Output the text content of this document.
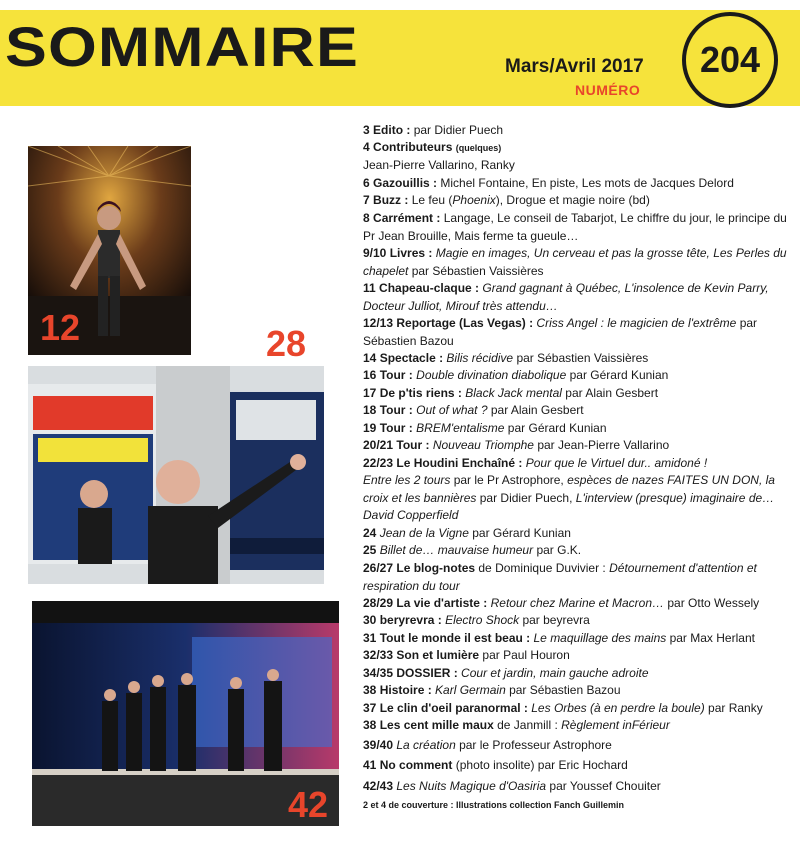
SOMMAIRE	Mars/Avril 2017
NUMÉRO
204
12	28
42
3 Edito : par Didier Puech
4 Contributeurs (quelques)
Jean-Pierre Vallarino, Ranky
6 Gazouillis : Michel Fontaine, En piste, Les mots de Jacques Delord
7 Buzz : Le feu (Phoenix), Drogue et magie noire (bd)
8 Carrément : Langage, Le conseil de Tabarjot, Le chiffre du jour, le principe du Pr Jean Brouille, Mais ferme ta gueule…
9/10 Livres : Magie en images, Un cerveau et pas la grosse tête, Les Perles du chapelet par Sébastien Vaissières
11 Chapeau-claque : Grand gagnant à Québec, L'insolence de Kevin Parry, Docteur Julliot, Mirouf très attendu…
12/13 Reportage (Las Vegas) : Criss Angel : le magicien de l'extrême par Sébastien Bazou
14 Spectacle : Bilis récidive par Sébastien Vaissières
16 Tour : Double divination diabolique par Gérard Kunian
17 De p'tis riens : Black Jack mental par Alain Gesbert
18 Tour : Out of what ? par Alain Gesbert
19 Tour : BREM'entalisme par Gérard Kunian
20/21 Tour : Nouveau Triomphe par Jean-Pierre Vallarino
22/23 Le Houdini Enchaîné : Pour que le Virtuel dur.. amidoné !
Entre les 2 tours par le Pr Astrophore, espèces de nazes FAITES UN DON, la croix et les bannières par Didier Puech, L'interview (presque) imaginaire de… David Copperfield
24 Jean de la Vigne par Gérard Kunian
25 Billet de… mauvaise humeur par G.K.
26/27 Le blog-notes de Dominique Duvivier : Détournement d'attention et respiration du tour
28/29 La vie d'artiste : Retour chez Marine et Macron… par Otto Wessely
30 beryrevra : Electro Shock par beyrevra
31 Tout le monde il est beau : Le maquillage des mains par Max Herlant
32/33 Son et lumière par Paul Houron
34/35 DOSSIER : Cour et jardin, main gauche adroite
38 Histoire : Karl Germain par Sébastien Bazou
37 Le clin d'oeil paranormal : Les Orbes (à en perdre la boule) par Ranky
38 Les cent mille maux de Janmill : Règlement inFérieur
39/40 La création par le Professeur Astrophore
41 No comment (photo insolite) par Eric Hochard
42/43 Les Nuits Magique d'Oasiria par Youssef Chouiter
2 et 4 de couverture : Illustrations collection Fanch Guillemin
